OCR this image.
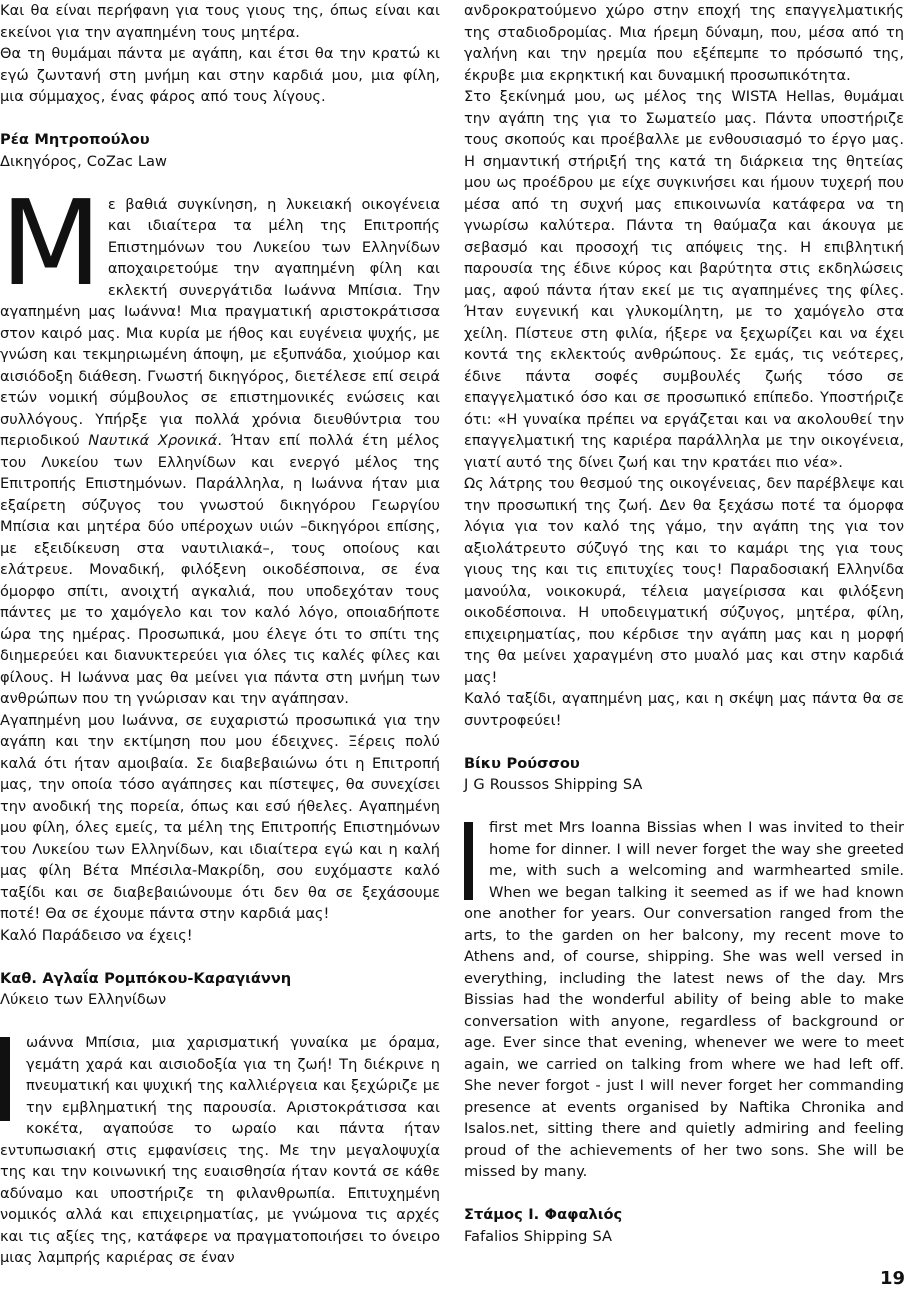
Και θα είναι περήφανη για τους γιους της, όπως είναι και εκείνοι για την αγαπημένη τους μητέρα.

Θα τη θυμάμαι πάντα με αγάπη, και έτσι θα την κρατώ κι εγώ ζωντανή στη μνήμη και στην καρδιά μου, μια φίλη, μια σύμμαχος, ένας φάρος από τους λίγους.

Ρέα Μητροπούλου

Δικηγόρος, CoZac Law

Με βαθιά συγκίνηση, η λυκειακή οικογένεια και ιδιαίτερα τα μέλη της Επιτροπής Επιστημόνων του Λυκείου των Ελληνίδων αποχαιρετούμε την αγαπημένη φίλη και εκλεκτή συνεργάτιδα Ιωάννα Μπίσια. Την αγαπημένη μας Ιωάννα! Μια πραγματική αριστοκράτισσα στον καιρό μας. Μια κυρία με ήθος και ευγένεια ψυχής, με γνώση και τεκμηριωμένη άποψη, με εξυπνάδα, χιούμορ και αισιόδοξη διάθεση. Γνωστή δικηγόρος, διετέλεσε επί σειρά ετών νομική σύμβουλος σε επιστημονικές ενώσεις και συλλόγους. Υπήρξε για πολλά χρόνια διευθύντρια του περιοδικού Ναυτικά Χρονικά. Ήταν επί πολλά έτη μέλος του Λυκείου των Ελληνίδων και ενεργό μέλος της Επιτροπής Επιστημόνων. Παράλληλα, η Ιωάννα ήταν μια εξαίρετη σύζυγος του γνωστού δικηγόρου Γεωργίου Μπίσια και μητέρα δύο υπέροχων υιών –δικηγόροι επίσης, με εξειδίκευση στα ναυτιλιακά–, τους οποίους και ελάτρευε. Μοναδική, φιλόξενη οικοδέσποινα, σε ένα όμορφο σπίτι, ανοιχτή αγκαλιά, που υποδεχόταν τους πάντες με το χαμόγελο και τον καλό λόγο, οποιαδήποτε ώρα της ημέρας. Προσωπικά, μου έλεγε ότι το σπίτι της διημερεύει και διανυκτερεύει για όλες τις καλές φίλες και φίλους. Η Ιωάννα μας θα μείνει για πάντα στη μνήμη των ανθρώπων που τη γνώρισαν και την αγάπησαν.

Αγαπημένη μου Ιωάννα, σε ευχαριστώ προσωπικά για την αγάπη και την εκτίμηση που μου έδειχνες. Ξέρεις πολύ καλά ότι ήταν αμοιβαία. Σε διαβεβαιώνω ότι η Επιτροπή μας, την οποία τόσο αγάπησες και πίστεψες, θα συνεχίσει την ανοδική της πορεία, όπως και εσύ ήθελες. Αγαπημένη μου φίλη, όλες εμείς, τα μέλη της Επιτροπής Επιστημόνων του Λυκείου των Ελληνίδων, και ιδιαίτερα εγώ και η καλή μας φίλη Βέτα Μπέσιλα-Μακρίδη, σου ευχόμαστε καλό ταξίδι και σε διαβεβαιώνουμε ότι δεν θα σε ξεχάσουμε ποτέ! Θα σε έχουμε πάντα στην καρδιά μας!

Καλό Παράδεισο να έχεις!

Καθ. Αγλαΐα Ρομπόκου-Καραγιάννη

Λύκειο των Ελληνίδων

ωάννα Μπίσια, μια χαρισματική γυναίκα με όραμα, γεμάτη χαρά και αισιοδοξία για τη ζωή! Τη διέκρινε η πνευματική και ψυχική της καλλιέργεια και ξεχώριζε με την εμβληματική της παρουσία. Αριστοκράτισσα και κοκέτα, αγαπούσε το ωραίο και πάντα ήταν εντυπωσιακή στις εμφανίσεις της. Με την μεγαλοψυχία της και την κοινωνική της ευαισθησία ήταν κοντά σε κάθε αδύναμο και υποστήριζε τη φιλανθρωπία. Επιτυχημένη νομικός αλλά και επιχειρηματίας, με γνώμονα τις αρχές και τις αξίες της, κατάφερε να πραγματοποιήσει το όνειρο μιας λαμπρής καριέρας σε έναν

ανδροκρατούμενο χώρο στην εποχή της επαγγελματικής της σταδιοδρομίας. Μια ήρεμη δύναμη, που, μέσα από τη γαλήνη και την ηρεμία που εξέπεμπε το πρόσωπό της, έκρυβε μια εκρηκτική και δυναμική προσωπικότητα.

Στο ξεκίνημά μου, ως μέλος της WISTA Hellas, θυμάμαι την αγάπη της για το Σωματείο μας. Πάντα υποστήριζε τους σκοπούς και προέβαλλε με ενθουσιασμό το έργο μας. Η σημαντική στήριξή της κατά τη διάρκεια της θητείας μου ως προέδρου με είχε συγκινήσει και ήμουν τυχερή που μέσα από τη συχνή μας επικοινωνία κατάφερα να τη γνωρίσω καλύτερα. Πάντα τη θαύμαζα και άκουγα με σεβασμό και προσοχή τις απόψεις της. Η επιβλητική παρουσία της έδινε κύρος και βαρύτητα στις εκδηλώσεις μας, αφού πάντα ήταν εκεί με τις αγαπημένες της φίλες. Ήταν ευγενική και γλυκομίλητη, με το χαμόγελο στα χείλη. Πίστευε στη φιλία, ήξερε να ξεχωρίζει και να έχει κοντά της εκλεκτούς ανθρώπους. Σε εμάς, τις νεότερες, έδινε πάντα σοφές συμβουλές ζωής τόσο σε επαγγελματικό όσο και σε προσωπικό επίπεδο. Υποστήριζε ότι: «Η γυναίκα πρέπει να εργάζεται και να ακολουθεί την επαγγελματική της καριέρα παράλληλα με την οικογένεια, γιατί αυτό της δίνει ζωή και την κρατάει πιο νέα».

Ως λάτρης του θεσμού της οικογένειας, δεν παρέβλεψε και την προσωπική της ζωή. Δεν θα ξεχάσω ποτέ τα όμορφα λόγια για τον καλό της γάμο, την αγάπη της για τον αξιολάτρευτο σύζυγό της και το καμάρι της για τους γιους της και τις επιτυχίες τους! Παραδοσιακή Ελληνίδα μανούλα, νοικοκυρά, τέλεια μαγείρισσα και φιλόξενη οικοδέσποινα. Η υποδειγματική σύζυγος, μητέρα, φίλη, επιχειρηματίας, που κέρδισε την αγάπη μας και η μορφή της θα μείνει χαραγμένη στο μυαλό μας και στην καρδιά μας!

Καλό ταξίδι, αγαπημένη μας, και η σκέψη μας πάντα θα σε συντροφεύει!

Βίκυ Ρούσσου

J G Roussos Shipping SA

first met Mrs Ioanna Bissias when I was invited to their home for dinner. I will never forget the way she greeted me, with such a welcoming and warmhearted smile. When we began talking it seemed as if we had known one another for years. Our conversation ranged from the arts, to the garden on her balcony, my recent move to Athens and, of course, shipping. She was well versed in everything, including the latest news of the day. Mrs Bissias had the wonderful ability of being able to make conversation with anyone, regardless of background or age. Ever since that evening, whenever we were to meet again, we carried on talking from where we had left off. She never forgot - just I will never forget her commanding presence at events organised by Naftika Chronika and Isalos.net, sitting there and quietly admiring and feeling proud of the achievements of her two sons. She will be missed by many.

Στάμος Ι. Φαφαλιός

Fafalios Shipping SA

19
